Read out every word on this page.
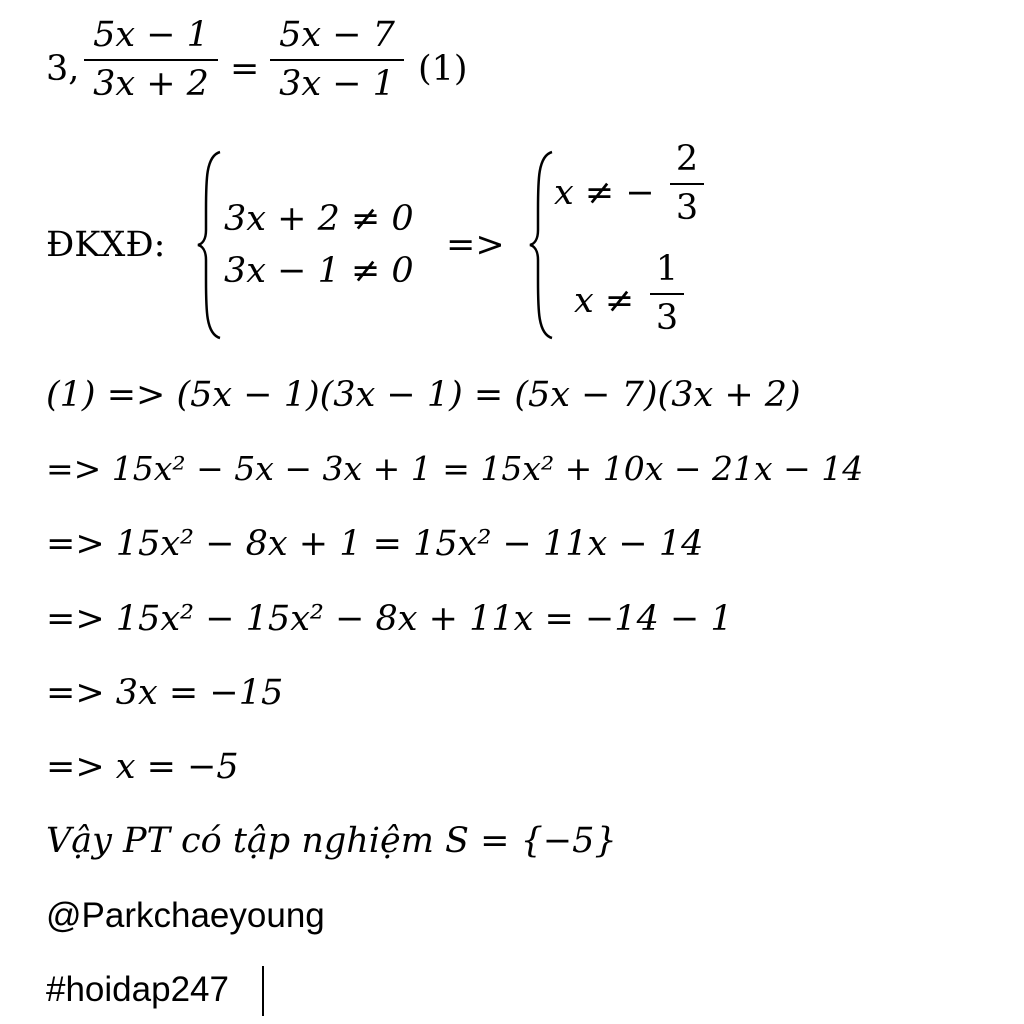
3,
5x − 1
3x + 2 =
5x − 7
3x − 1 (1)
ĐKXĐ:
3x + 2 ≠ 0
3x − 1 ≠ 0
=>
x ≠ −
2
3
x ≠
1
3
(1) => (5x − 1)(3x − 1) = (5x − 7)(3x + 2)
=> 15x² − 5x − 3x + 1 = 15x² + 10x − 21x − 14
=> 15x² − 8x + 1 = 15x² − 11x − 14
=> 15x² − 15x² − 8x + 11x = −14 − 1
=> 3x = −15
=> x = −5
Vậy PT có tập nghiệm S = {−5}
@Parkchaeyoung
#hoidap247
